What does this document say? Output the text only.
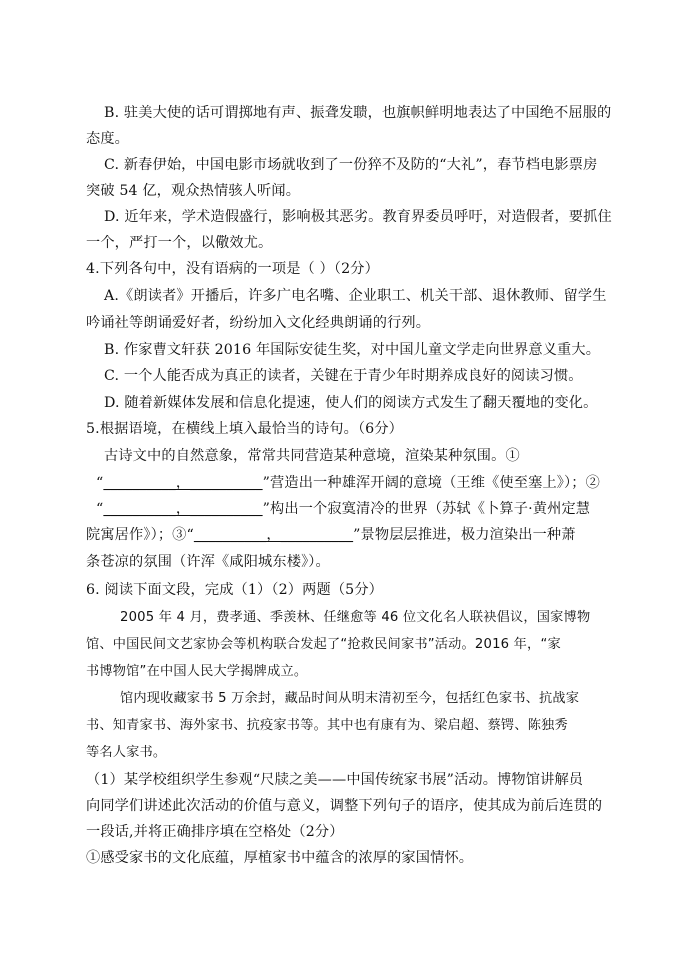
B. 驻美大使的话可谓掷地有声、振聋发聩，也旗帜鲜明地表达了中国绝不屈服的

态度。

C. 新春伊始，中国电影市场就收到了一份猝不及防的“大礼”，春节档电影票房

突破 54 亿，观众热情骇人听闻。

D. 近年来，学术造假盛行，影响极其恶劣。教育界委员呼吁，对造假者，要抓住

一个，严打一个，以儆效尤。

4.下列各句中，没有语病的一项是（ ）（2分）

A.《朗读者》开播后，许多广电名嘴、企业职工、机关干部、退休教师、留学生

吟诵社等朗诵爱好者，纷纷加入文化经典朗诵的行列。

B. 作家曹文轩获 2016 年国际安徒生奖，对中国儿童文学走向世界意义重大。

C. 一个人能否成为真正的读者，关键在于青少年时期养成良好的阅读习惯。

D. 随着新媒体发展和信息化提速，使人们的阅读方式发生了翻天覆地的变化。

5.根据语境，在横线上填入最恰当的诗句。（6分）

古诗文中的自然意象，常常共同营造某种意境，渲染某种氛围。①

“__________，__________”营造出一种雄浑开阔的意境（王维《使至塞上》）；②

“__________，__________”构出一个寂寞清冷的世界（苏轼《卜算子·黄州定慧

院寓居作》）；③“__________，__________”景物层层推进，极力渲染出一种萧

条苍凉的氛围（许浑《咸阳城东楼》）。

6. 阅读下面文段，完成（1）（2）两题（5分）

2005 年 4 月，费孝通、季羡林、任继愈等 46 位文化名人联袂倡议，国家博物

馆、中国民间文艺家协会等机构联合发起了“抢救民间家书”活动。2016 年，“家

书博物馆”在中国人民大学揭牌成立。

馆内现收藏家书 5 万余封，藏品时间从明末清初至今，包括红色家书、抗战家

书、知青家书、海外家书、抗疫家书等。其中也有康有为、梁启超、蔡锷、陈独秀

等名人家书。

（1）某学校组织学生参观“尺牍之美——中国传统家书展”活动。博物馆讲解员

向同学们讲述此次活动的价值与意义，调整下列句子的语序，使其成为前后连贯的

一段话,并将正确排序填在空格处（2分）

①感受家书的文化底蕴，厚植家书中蕴含的浓厚的家国情怀。
